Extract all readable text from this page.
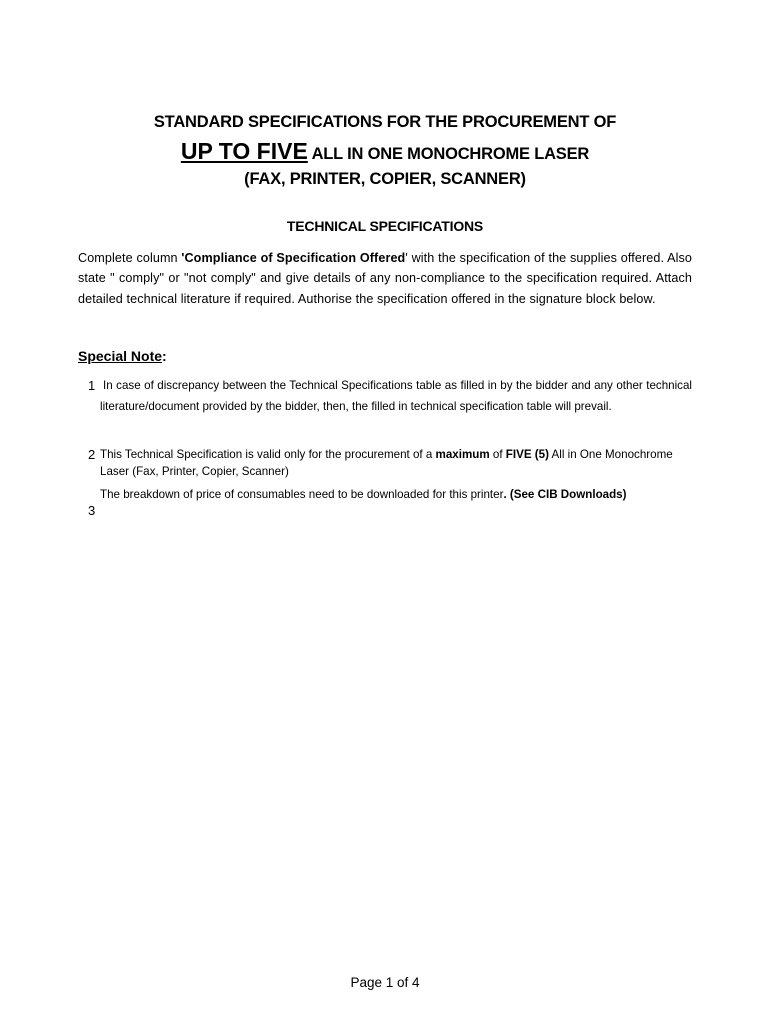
STANDARD SPECIFICATIONS FOR THE PROCUREMENT OF
UP TO FIVE ALL IN ONE MONOCHROME LASER
(FAX, PRINTER, COPIER, SCANNER)
TECHNICAL SPECIFICATIONS

Complete column 'Compliance of Specification Offered' with the specification of the supplies offered. Also state " comply" or "not comply" and give details of any non-compliance to the specification required. Attach detailed technical literature if required. Authorise the specification offered in the signature block below.

Special Note:
1 In case of discrepancy between the Technical Specifications table as filled in by the bidder and any other technical literature/document provided by the bidder, then, the filled in technical specification table will prevail.

2 This Technical Specification is valid only for the procurement of a maximum of FIVE (5) All in One Monochrome Laser (Fax, Printer, Copier, Scanner)

3

The breakdown of price of consumables need to be downloaded for this printer. (See CIB Downloads)

Page 1 of 4
